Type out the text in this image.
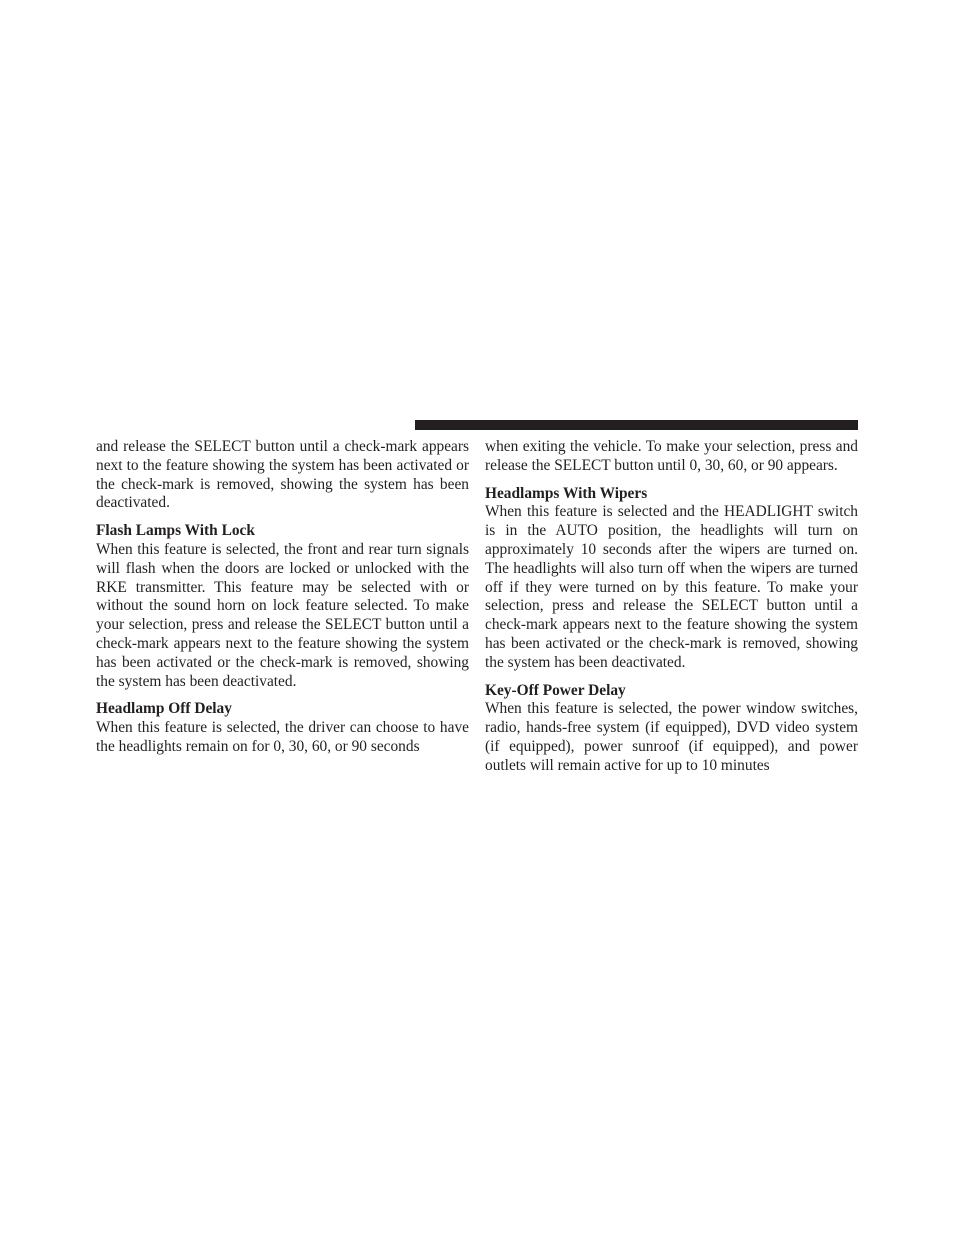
and release the SELECT button until a check-mark appears next to the feature showing the system has been activated or the check-mark is removed, showing the system has been deactivated.

Flash Lamps With Lock

When this feature is selected, the front and rear turn signals will flash when the doors are locked or unlocked with the RKE transmitter. This feature may be selected with or without the sound horn on lock feature selected. To make your selection, press and release the SELECT button until a check-mark appears next to the feature showing the system has been activated or the check-mark is removed, showing the system has been deactivated.

Headlamp Off Delay

When this feature is selected, the driver can choose to have the headlights remain on for 0, 30, 60, or 90 seconds

when exiting the vehicle. To make your selection, press and release the SELECT button until 0, 30, 60, or 90 appears.

Headlamps With Wipers

When this feature is selected and the HEADLIGHT switch is in the AUTO position, the headlights will turn on approximately 10 seconds after the wipers are turned on. The headlights will also turn off when the wipers are turned off if they were turned on by this feature. To make your selection, press and release the SELECT button until a check-mark appears next to the feature showing the system has been activated or the check-mark is removed, showing the system has been deactivated.

Key-Off Power Delay

When this feature is selected, the power window switches, radio, hands-free system (if equipped), DVD video system (if equipped), power sunroof (if equipped), and power outlets will remain active for up to 10 minutes
